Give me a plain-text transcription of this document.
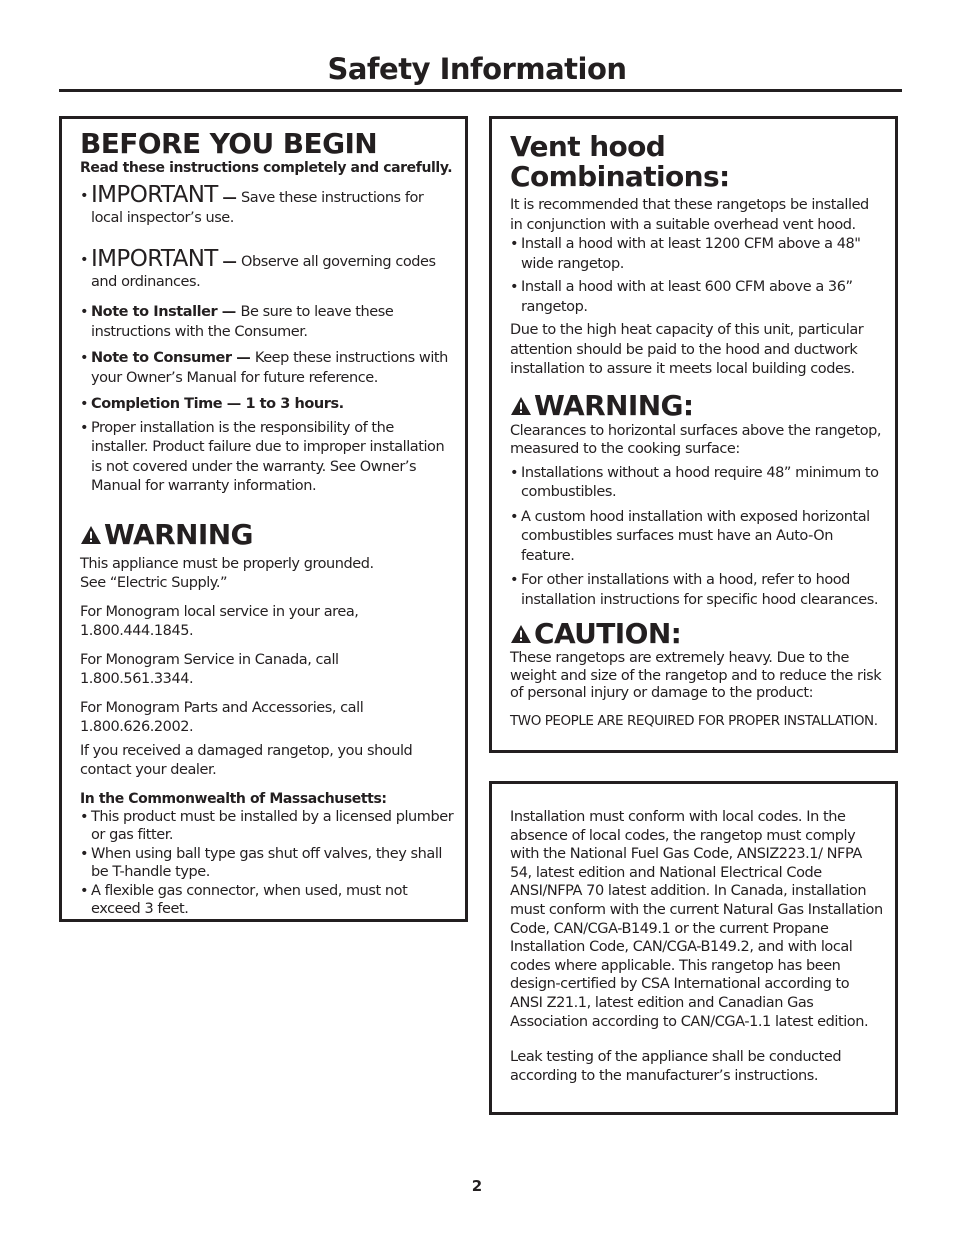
Safety Information
BEFORE YOU BEGIN
Read these instructions completely and carefully.
• IMPORTANT — Save these instructions for local inspector’s use.
• IMPORTANT — Observe all governing codes and ordinances.
• Note to Installer — Be sure to leave these instructions with the Consumer.
• Note to Consumer — Keep these instructions with your Owner’s Manual for future reference.
• Completion Time — 1 to 3 hours.
• Proper installation is the responsibility of the installer. Product failure due to improper installation is not covered under the warranty. See Owner’s Manual for warranty information.
WARNING
This appliance must be properly grounded.
See “Electric Supply.”
For Monogram local service in your area,
1.800.444.1845.
For Monogram Service in Canada, call
1.800.561.3344.
For Monogram Parts and Accessories, call
1.800.626.2002.
If you received a damaged rangetop, you should contact your dealer.
In the Commonwealth of Massachusetts:
• This product must be installed by a licensed plumber or gas fitter.
• When using ball type gas shut off valves, they shall be T-handle type.
• A flexible gas connector, when used, must not exceed 3 feet.
Vent hood Combinations:
It is recommended that these rangetops be installed in conjunction with a suitable overhead vent hood.
• Install a hood with at least 1200 CFM above a 48" wide rangetop.
• Install a hood with at least 600 CFM above a 36” rangetop.
Due to the high heat capacity of this unit, particular attention should be paid to the hood and ductwork installation to assure it meets local building codes.
WARNING:
Clearances to horizontal surfaces above the rangetop, measured to the cooking surface:
• Installations without a hood require 48” minimum to combustibles.
• A custom hood installation with exposed horizontal combustibles surfaces must have an Auto-On feature.
• For other installations with a hood, refer to hood installation instructions for specific hood clearances.
CAUTION:
These rangetops are extremely heavy. Due to the weight and size of the rangetop and to reduce the risk of personal injury or damage to the product:
TWO PEOPLE ARE REQUIRED FOR PROPER INSTALLATION.
Installation must conform with local codes. In the absence of local codes, the rangetop must comply with the National Fuel Gas Code, ANSIZ223.1/ NFPA 54, latest edition and National Electrical Code ANSI/NFPA 70 latest addition. In Canada, installation must conform with the current Natural Gas Installation Code, CAN/CGA-B149.1 or the current Propane Installation Code, CAN/CGA-B149.2, and with local codes where applicable. This rangetop has been design-certified by CSA International according to ANSI Z21.1, latest edition and Canadian Gas Association according to CAN/CGA-1.1 latest edition.
Leak testing of the appliance shall be conducted according to the manufacturer’s instructions.
2
